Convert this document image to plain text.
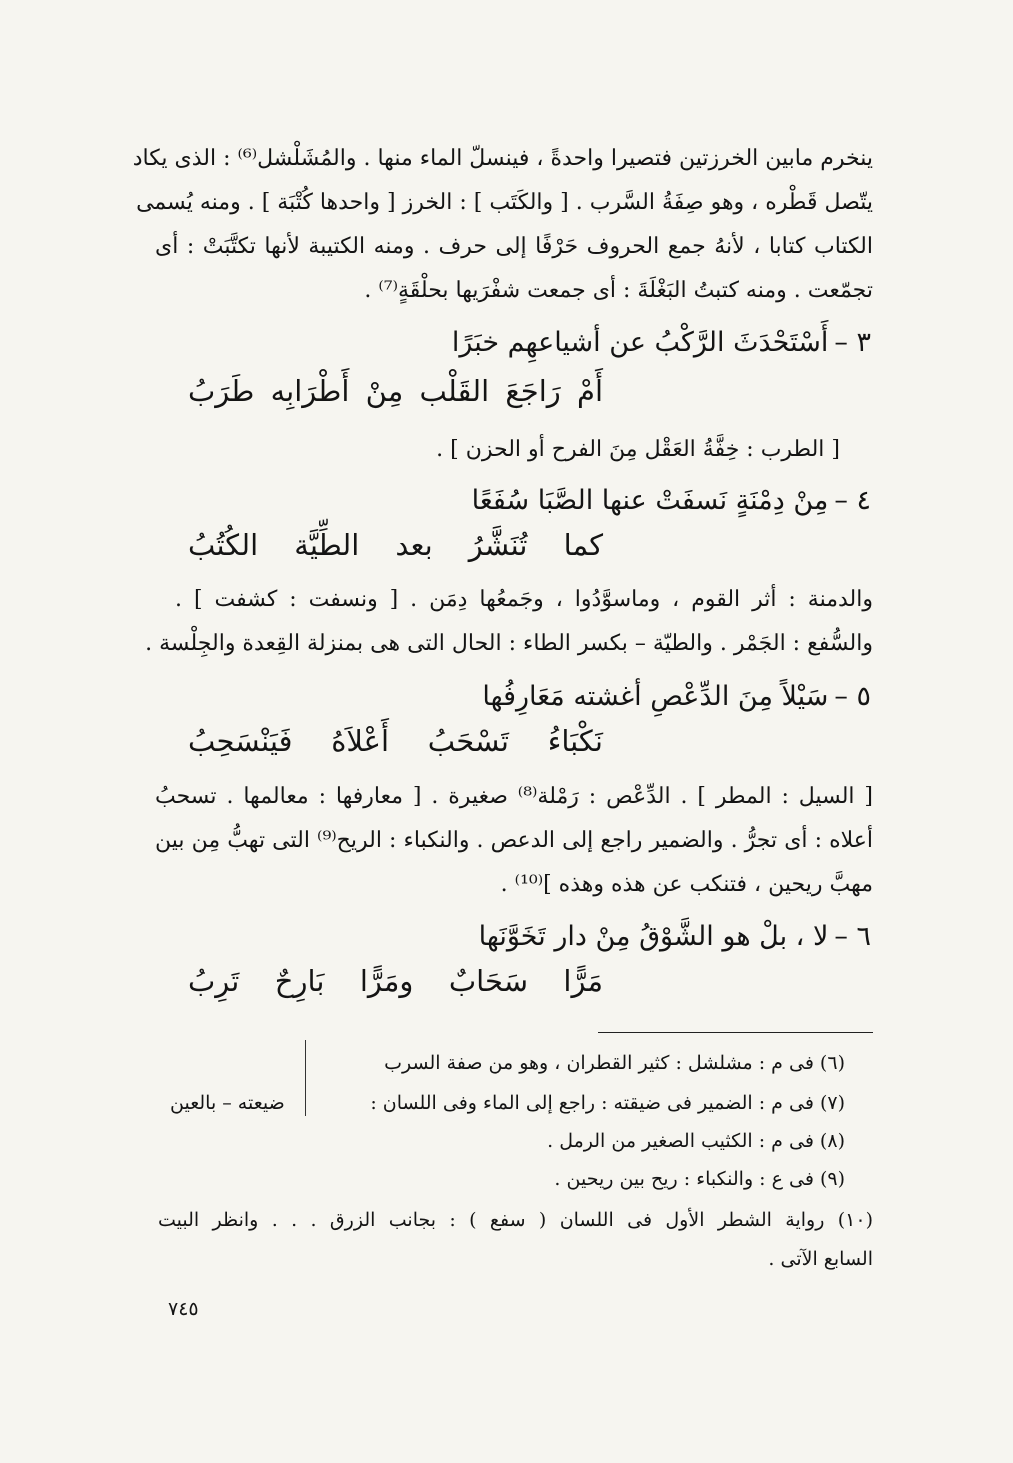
ينخرم مابين الخرزتين فتصيرا واحدةً ، فينسلّ الماء منها . والمُشَلْشل⁽⁶⁾ : الذى يكاد

يتّصل قَطْره ، وهو صِفَةُ السَّرب . [ والكَتَب ] : الخرز [ واحدها كُتْبَة ] . ومنه يُسمى

الكتاب كتابا ، لأنهُ جمع الحروف حَرْفًا إلى حرف . ومنه الكتيبة لأنها تكتَّبَتْ : أى

تجمّعت . ومنه كتبتُ البَغْلَةَ : أى جمعت شفْرَيها بحلْقَةٍ⁽⁷⁾ .

٣ –أَسْتَحْدَثَ الرَّكْبُ عن أشياعهِم خبَرًا

أَمْ رَاجَعَ القَلْب مِنْ أَطْرَابِه طَرَبُ

[ الطرب : خِفَّةُ العَقْل مِنَ الفرح أو الحزن ] .

٤ –مِنْ دِمْنَةٍ نَسفَتْ عنها الصَّبَا سُفَعًا

كما تُنَشَّرُ بعد الطِّيَّة الكُتُبُ

والدمنة : أثر القوم ، وماسوَّدُوا ، وجَمعُها دِمَن . [ ونسفت : كشفت ] .

والسُّفع : الجَمْر . والطيّة – بكسر الطاء : الحال التى هى بمنزلة القِعدة والجِلْسة .

٥ –سَيْلاً مِنَ الدِّعْصِ أغشته مَعَارِفُها

نَكْبَاءُ تَسْحَبُ أَعْلاَهُ فَيَنْسَحِبُ

[ السيل : المطر ] . الدِّعْص : رَمْلة⁽⁸⁾ صغيرة . [ معارفها : معالمها . تسحبُ

أعلاه : أى تجرُّ . والضمير راجع إلى الدعص . والنكباء : الريح⁽⁹⁾ التى تهبُّ مِن بين

مهبَّ ريحين ، فتنكب عن هذه وهذه ]⁽¹⁰⁾ .

٦ –لا ، بلْ هو الشَّوْقُ مِنْ دار تَخَوَّنَها

مَرًّا سَحَابٌ ومَرًّا بَارِحٌ تَرِبُ

(٦) فى م : مشلشل : كثير القطران ، وهو من صفة السرب

(٧) فى م : الضمير فى ضيقته : راجع إلى الماء وفى اللسان :

ضيعته – بالعين

(٨) فى م : الكثيب الصغير من الرمل .

(٩) فى ع : والنكباء : ريح بين ريحين .

(١٠) رواية الشطر الأول فى اللسان ( سفع ) : بجانب الزرق . . . وانظر البيت

السابع الآتى .

٧٤٥
